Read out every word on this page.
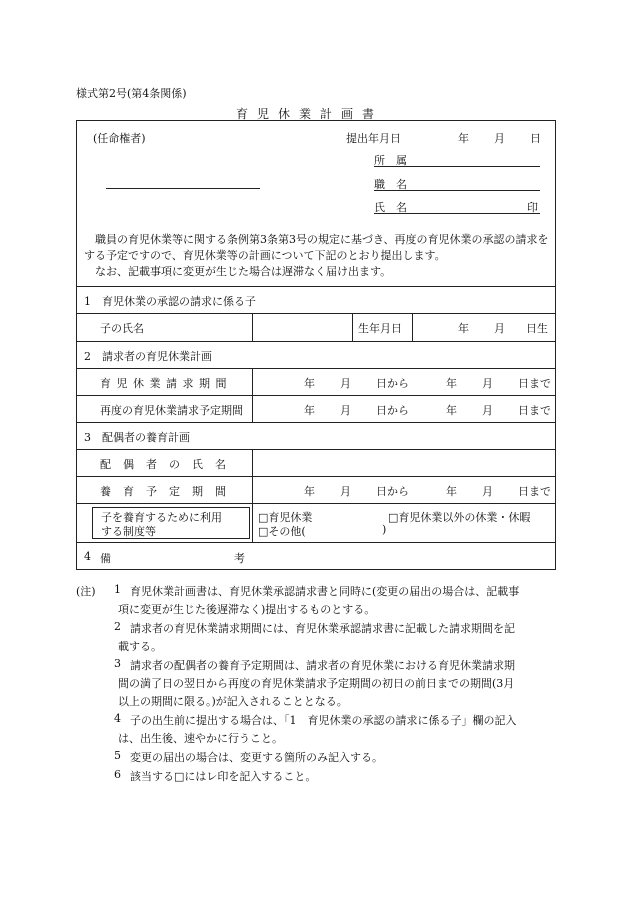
様式第2号(第4条関係)
育児休業計画書
(任命権者)	提出年月日	年 月 日
所　属
職　名
氏　名	印
職員の育児休業等に関する条例第3条第3号の規定に基づき、再度の育児休業の承認の請求をする予定ですので、育児休業等の計画について下記のとおり提出します。
なお、記載事項に変更が生じた場合は遅滞なく届け出ます。
1　育児休業の承認の請求に係る子
子の氏名	生年月日	年 月 日生
2　請求者の育児休業計画
育児休業請求期間	年 月 日から	年 月 日まで
再度の育児休業請求予定期間	年 月 日から	年 月 日まで
3　配偶者の養育計画
配偶者の氏名
養育予定期間	年 月 日から	年 月 日まで
子を養育するために利用
する制度等
□育児休業	□育児休業以外の休業・休暇
□その他(	)
4 備	考
(注) 1 育児休業計画書は、育児休業承認請求書と同時に(変更の届出の場合は、記載事
項に変更が生じた後遅滞なく)提出するものとする。
2 請求者の育児休業請求期間には、育児休業承認請求書に記載した請求期間を記
載する。
3 請求者の配偶者の養育予定期間は、請求者の育児休業における育児休業請求期
間の満了日の翌日から再度の育児休業請求予定期間の初日の前日までの期間(3月
以上の期間に限る。)が記入されることとなる。
4 子の出生前に提出する場合は、「1　育児休業の承認の請求に係る子」欄の記入
は、出生後、速やかに行うこと。
5 変更の届出の場合は、変更する箇所のみ記入する。
6 該当する□にはレ印を記入すること。
